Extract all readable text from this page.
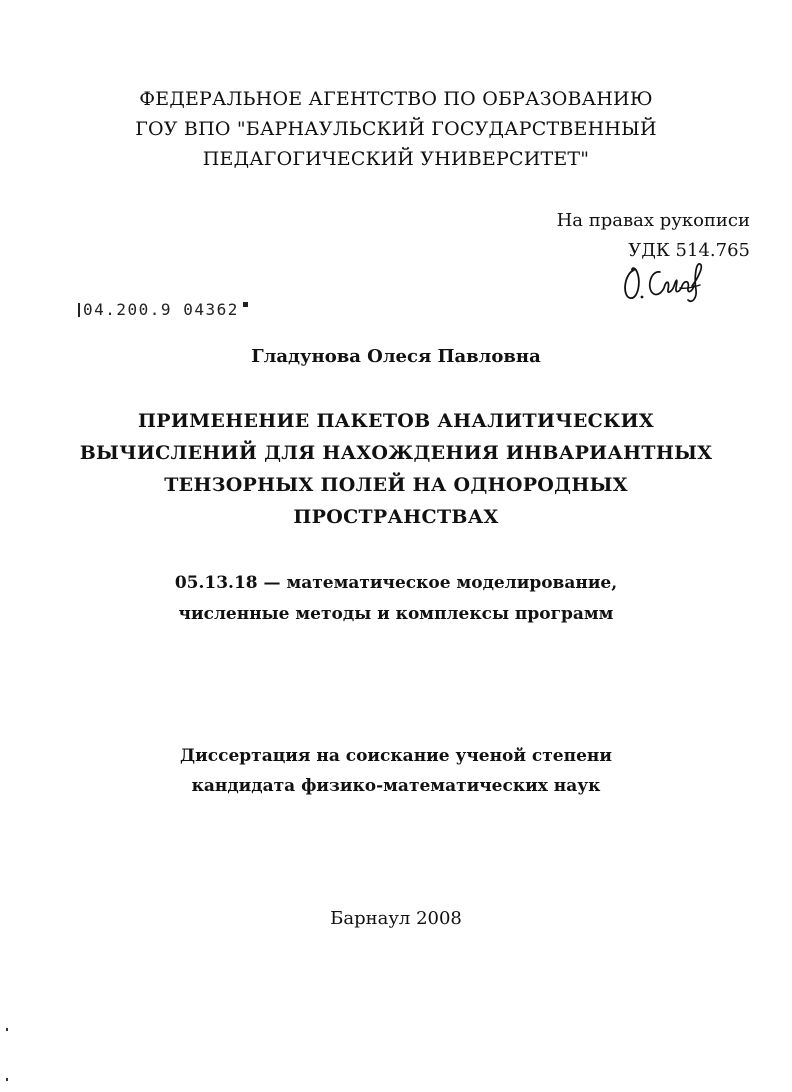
ФЕДЕРАЛЬНОЕ АГЕНТСТВО ПО ОБРАЗОВАНИЮ
ГОУ ВПО "БАРНАУЛЬСКИЙ ГОСУДАРСТВЕННЫЙ
ПЕДАГОГИЧЕСКИЙ УНИВЕРСИТЕТ"
На правах рукописи
УДК 514.765
04.200.9 04362
Гладунова Олеся Павловна
ПРИМЕНЕНИЕ ПАКЕТОВ АНАЛИТИЧЕСКИХ
ВЫЧИСЛЕНИЙ ДЛЯ НАХОЖДЕНИЯ ИНВАРИАНТНЫХ
ТЕНЗОРНЫХ ПОЛЕЙ НА ОДНОРОДНЫХ
ПРОСТРАНСТВАХ
05.13.18 — математическое моделирование,
численные методы и комплексы программ
Диссертация на соискание ученой степени
кандидата физико-математических наук
Барнаул 2008
